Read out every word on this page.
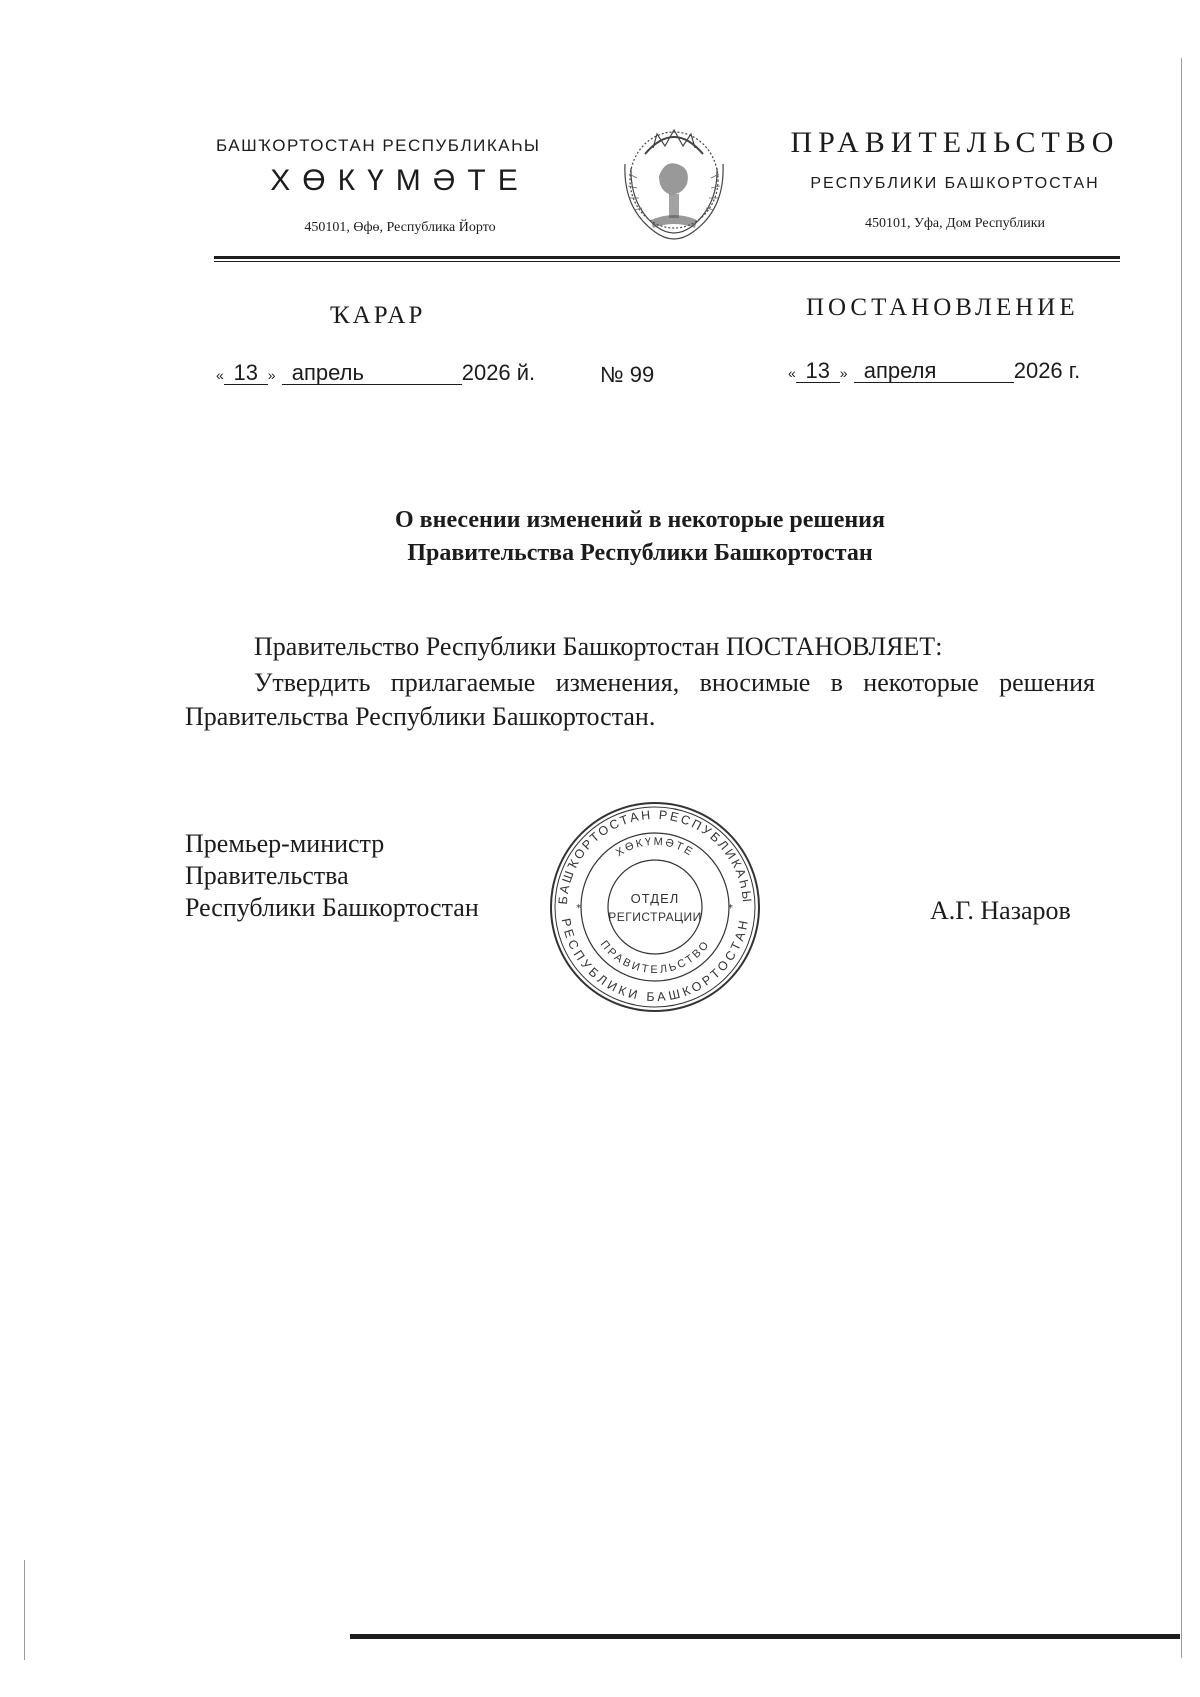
БАШҠОРТОСТАН РЕСПУБЛИКАҺЫ
ХӨКҮМӘТЕ
450101, Өфө, Республика Йорто
ПРАВИТЕЛЬСТВО
РЕСПУБЛИКИ БАШКОРТОСТАН
450101, Уфа, Дом Республики
ҠАРАР	ПОСТАНОВЛЕНИЕ
« 13 » апрель	2026 й.	№ 99	« 13 » апреля	2026 г.
О внесении изменений в некоторые решения
Правительства Республики Башкортостан
Правительство Республики Башкортостан ПОСТАНОВЛЯЕТ:
Утвердить прилагаемые изменения, вносимые в некоторые решения Правительства Республики Башкортостан.
Премьер-министр
Правительства
Республики Башкортостан	БАШҠОРТОСТАН РЕСПУБЛИКАҺЫ
РЕСПУБЛИКИ БАШКОРТОСТАН
ХӨКҮМӘТЕ
ПРАВИТЕЛЬСТВО
ОТДЕЛ
РЕГИСТРАЦИИ
*	*	А.Г. Назаров
